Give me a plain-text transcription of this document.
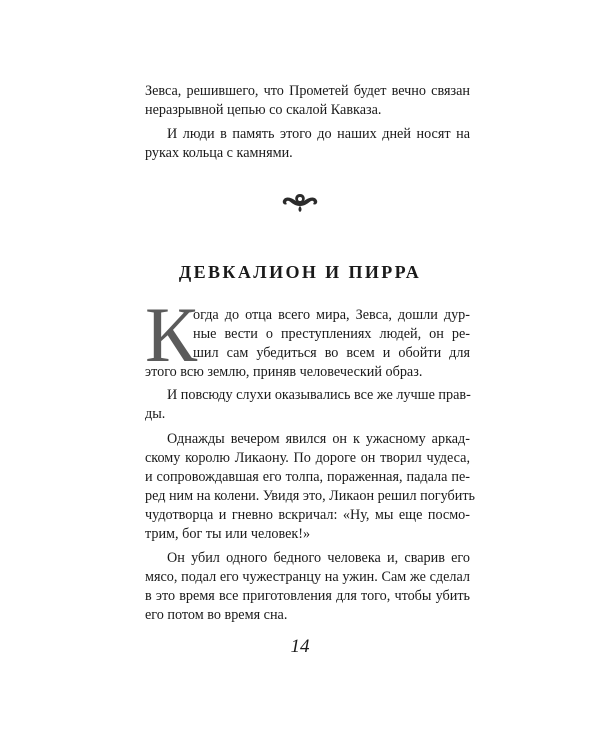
Зевса, решившего, что Прометей будет вечно связан
неразрывной цепью со скалой Кавказа.
И люди в память этого до наших дней носят на
руках кольца с камнями.
ДЕВКАЛИОН И ПИРРА
К
огда до отца всего мира, Зевса, дошли дур-
ные вести о преступлениях людей, он ре-
шил сам убедиться во всем и обойти для
этого всю землю, приняв человеческий образ.
И повсюду слухи оказывались все же лучше прав-
ды.
Однажды вечером явился он к ужасному аркад-
скому королю Ликаону. По дороге он творил чудеса,
и сопровождавшая его толпа, пораженная, падала пе-
ред ним на колени. Увидя это, Ликаон решил погубить
чудотворца и гневно вскричал: «Ну, мы еще посмо-
трим, бог ты или человек!»
Он убил одного бедного человека и, сварив его
мясо, подал его чужестранцу на ужин. Сам же сделал
в это время все приготовления для того, чтобы убить
его потом во время сна.
14
